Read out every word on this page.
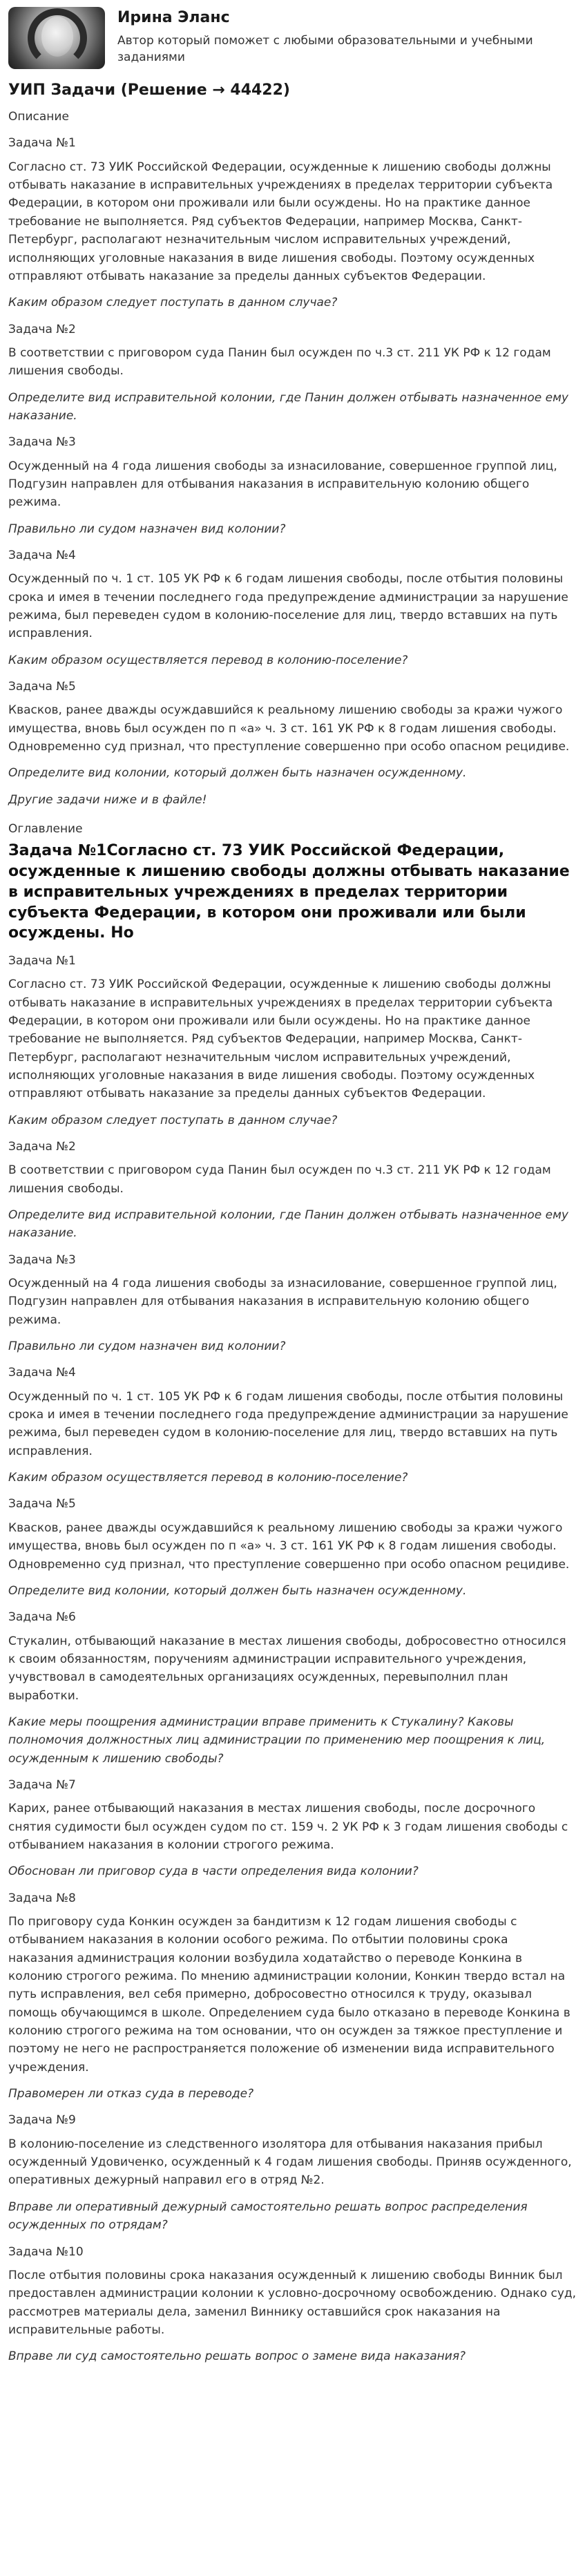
Ирина Эланс
Автор который поможет с любыми образовательными и учебными заданиями
УИП Задачи (Решение → 44422)
Описание
Задача №1
Согласно ст. 73 УИК Российской Федерации, осужденные к лишению свободы должны отбывать наказание в исправительных учреждениях в пределах территории субъекта Федерации, в котором они проживали или были осуждены. Но на практике данное требование не выполняется. Ряд субъектов Федерации, например Москва, Санкт-Петербург, располагают незначительным числом исправительных учреждений, исполняющих уголовные наказания в виде лишения свободы. Поэтому осужденных отправляют отбывать наказание за пределы данных субъектов Федерации.
Каким образом следует поступать в данном случае?
Задача №2
В соответствии с приговором суда Панин был осужден по ч.3 ст. 211 УК РФ к 12 годам лишения свободы.
Определите вид исправительной колонии, где Панин должен отбывать назначенное ему наказание.
Задача №3
Осужденный на 4 года лишения свободы за изнасилование, совершенное группой лиц, Подгузин направлен для отбывания наказания в исправительную колонию общего режима.
Правильно ли судом назначен вид колонии?
Задача №4
Осужденный по ч. 1 ст. 105 УК РФ к 6 годам лишения свободы, после отбытия половины срока и имея в течении последнего года предупреждение администрации за нарушение режима, был переведен судом в колонию-поселение для лиц, твердо вставших на путь исправления.
Каким образом осуществляется перевод в колонию-поселение?
Задача №5
Квасков, ранее дважды осуждавшийся к реальному лишению свободы за кражи чужого имущества, вновь был осужден по п «а» ч. 3 ст. 161 УК РФ к 8 годам лишения свободы. Одновременно суд признал, что преступление совершенно при особо опасном рецидиве.
Определите вид колонии, который должен быть назначен осужденному.
Другие задачи ниже и в файле!
Оглавление
Задача №1Согласно ст. 73 УИК Российской Федерации, осужденные к лишению свободы должны отбывать наказание в исправительных учреждениях в пределах территории субъекта Федерации, в котором они проживали или были осуждены. Но
Задача №1
Согласно ст. 73 УИК Российской Федерации, осужденные к лишению свободы должны отбывать наказание в исправительных учреждениях в пределах территории субъекта Федерации, в котором они проживали или были осуждены. Но на практике данное требование не выполняется. Ряд субъектов Федерации, например Москва, Санкт-Петербург, располагают незначительным числом исправительных учреждений, исполняющих уголовные наказания в виде лишения свободы. Поэтому осужденных отправляют отбывать наказание за пределы данных субъектов Федерации.
Каким образом следует поступать в данном случае?
Задача №2
В соответствии с приговором суда Панин был осужден по ч.3 ст. 211 УК РФ к 12 годам лишения свободы.
Определите вид исправительной колонии, где Панин должен отбывать назначенное ему наказание.
Задача №3
Осужденный на 4 года лишения свободы за изнасилование, совершенное группой лиц, Подгузин направлен для отбывания наказания в исправительную колонию общего режима.
Правильно ли судом назначен вид колонии?
Задача №4
Осужденный по ч. 1 ст. 105 УК РФ к 6 годам лишения свободы, после отбытия половины срока и имея в течении последнего года предупреждение администрации за нарушение режима, был переведен судом в колонию-поселение для лиц, твердо вставших на путь исправления.
Каким образом осуществляется перевод в колонию-поселение?
Задача №5
Квасков, ранее дважды осуждавшийся к реальному лишению свободы за кражи чужого имущества, вновь был осужден по п «а» ч. 3 ст. 161 УК РФ к 8 годам лишения свободы. Одновременно суд признал, что преступление совершенно при особо опасном рецидиве.
Определите вид колонии, который должен быть назначен осужденному.
Задача №6
Стукалин, отбывающий наказание в местах лишения свободы, добросовестно относился к своим обязанностям, поручениям администрации исправительного учреждения, учувствовал в самодеятельных организациях осужденных, перевыполнил план выработки.
Какие меры поощрения администрации вправе применить к Стукалину? Каковы полномочия должностных лиц администрации по применению мер поощрения к лиц, осужденным к лишению свободы?
Задача №7
Карих, ранее отбывающий наказания в местах лишения свободы, после досрочного снятия судимости был осужден судом по ст. 159 ч. 2 УК РФ к 3 годам лишения свободы с отбыванием наказания в колонии строгого режима.
Обоснован ли приговор суда в части определения вида колонии?
Задача №8
По приговору суда Конкин осужден за бандитизм к 12 годам лишения свободы с отбыванием наказания в колонии особого режима. По отбытии половины срока наказания администрация колонии возбудила ходатайство о переводе Конкина в колонию строгого режима. По мнению администрации колонии, Конкин твердо встал на путь исправления, вел себя примерно, добросовестно относился к труду, оказывал помощь обучающимся в школе. Определением суда было отказано в переводе Конкина в колонию строгого режима на том основании, что он осужден за тяжкое преступление и поэтому не него не распространяется положение об изменении вида исправительного учреждения.
Правомерен ли отказ суда в переводе?
Задача №9
В колонию-поселение из следственного изолятора для отбывания наказания прибыл осужденный Удовиченко, осужденный к 4 годам лишения свободы. Приняв осужденного, оперативных дежурный направил его в отряд №2.
Вправе ли оперативный дежурный самостоятельно решать вопрос распределения осужденных по отрядам?
Задача №10
После отбытия половины срока наказания осужденный к лишению свободы Винник был предоставлен администрации колонии к условно-досрочному освобождению. Однако суд, рассмотрев материалы дела, заменил Виннику оставшийся срок наказания на исправительные работы.
Вправе ли суд самостоятельно решать вопрос о замене вида наказания?
